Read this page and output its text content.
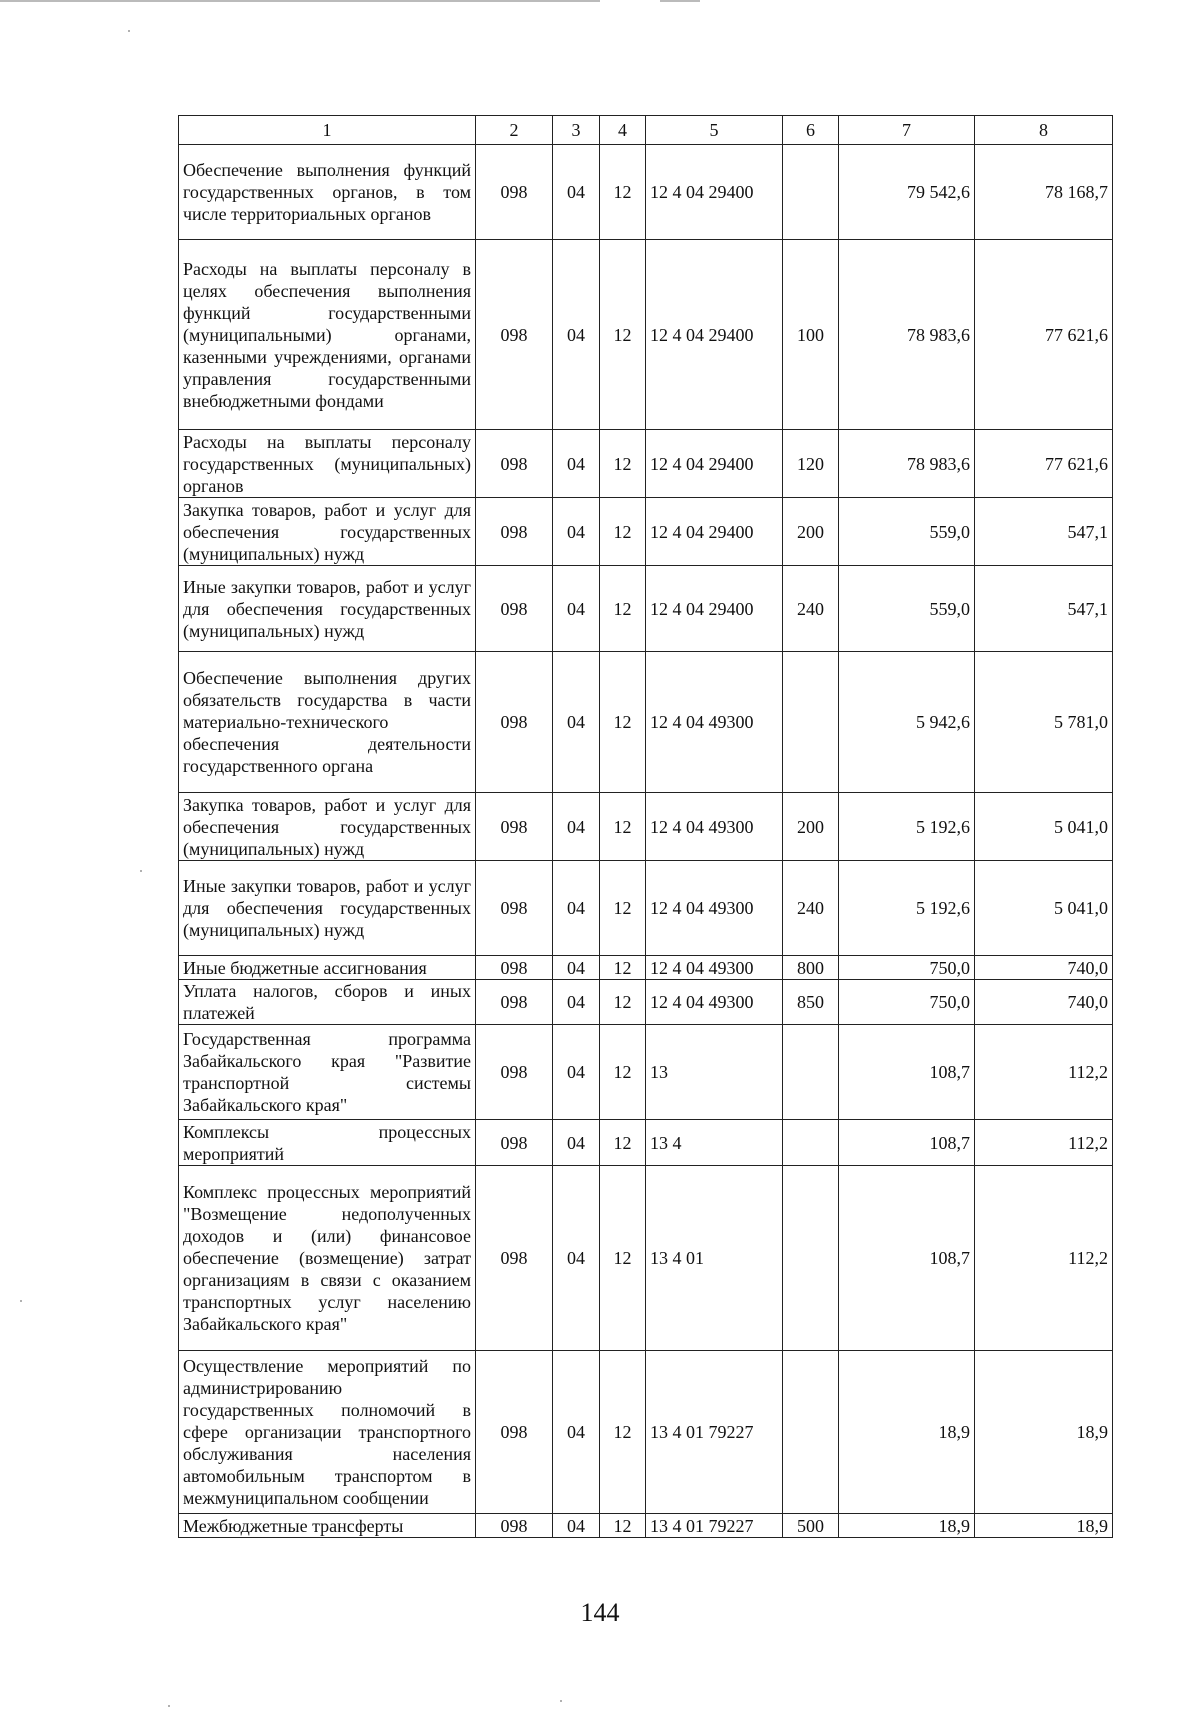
1	2	3	4	5	6	7	8
Обеспечение выполнения функций государственных органов, в том числе территориальных органов	098	04	12	12 4 04 29400		79 542,6	78 168,7
Расходы на выплаты персоналу в целях обеспечения выполнения функций государственными (муниципальными) органами, казенными учреждениями, органами управления государственными внебюджетными фондами	098	04	12	12 4 04 29400	100	78 983,6	77 621,6
Расходы на выплаты персоналу государственных (муниципальных) органов	098	04	12	12 4 04 29400	120	78 983,6	77 621,6
Закупка товаров, работ и услуг для обеспечения государственных (муниципальных) нужд	098	04	12	12 4 04 29400	200	559,0	547,1
Иные закупки товаров, работ и услуг для обеспечения государственных (муниципальных) нужд	098	04	12	12 4 04 29400	240	559,0	547,1
Обеспечение выполнения других обязательств государства в части материально-технического обеспечения деятельности государственного органа	098	04	12	12 4 04 49300		5 942,6	5 781,0
Закупка товаров, работ и услуг для обеспечения государственных (муниципальных) нужд	098	04	12	12 4 04 49300	200	5 192,6	5 041,0
Иные закупки товаров, работ и услуг для обеспечения государственных (муниципальных) нужд	098	04	12	12 4 04 49300	240	5 192,6	5 041,0
Иные бюджетные ассигнования	098	04	12	12 4 04 49300	800	750,0	740,0
Уплата налогов, сборов и иных платежей	098	04	12	12 4 04 49300	850	750,0	740,0
Государственная программа Забайкальского края "Развитие транспортной системы Забайкальского края"	098	04	12	13		108,7	112,2
Комплексы процессных мероприятий	098	04	12	13 4		108,7	112,2
Комплекс процессных мероприятий "Возмещение недополученных доходов и (или) финансовое обеспечение (возмещение) затрат организациям в связи с оказанием транспортных услуг населению Забайкальского края"	098	04	12	13 4 01		108,7	112,2
Осуществление мероприятий по администрированию государственных полномочий в сфере организации транспортного обслуживания населения автомобильным транспортом в межмуниципальном сообщении	098	04	12	13 4 01 79227		18,9	18,9
Межбюджетные трансферты	098	04	12	13 4 01 79227	500	18,9	18,9
144
